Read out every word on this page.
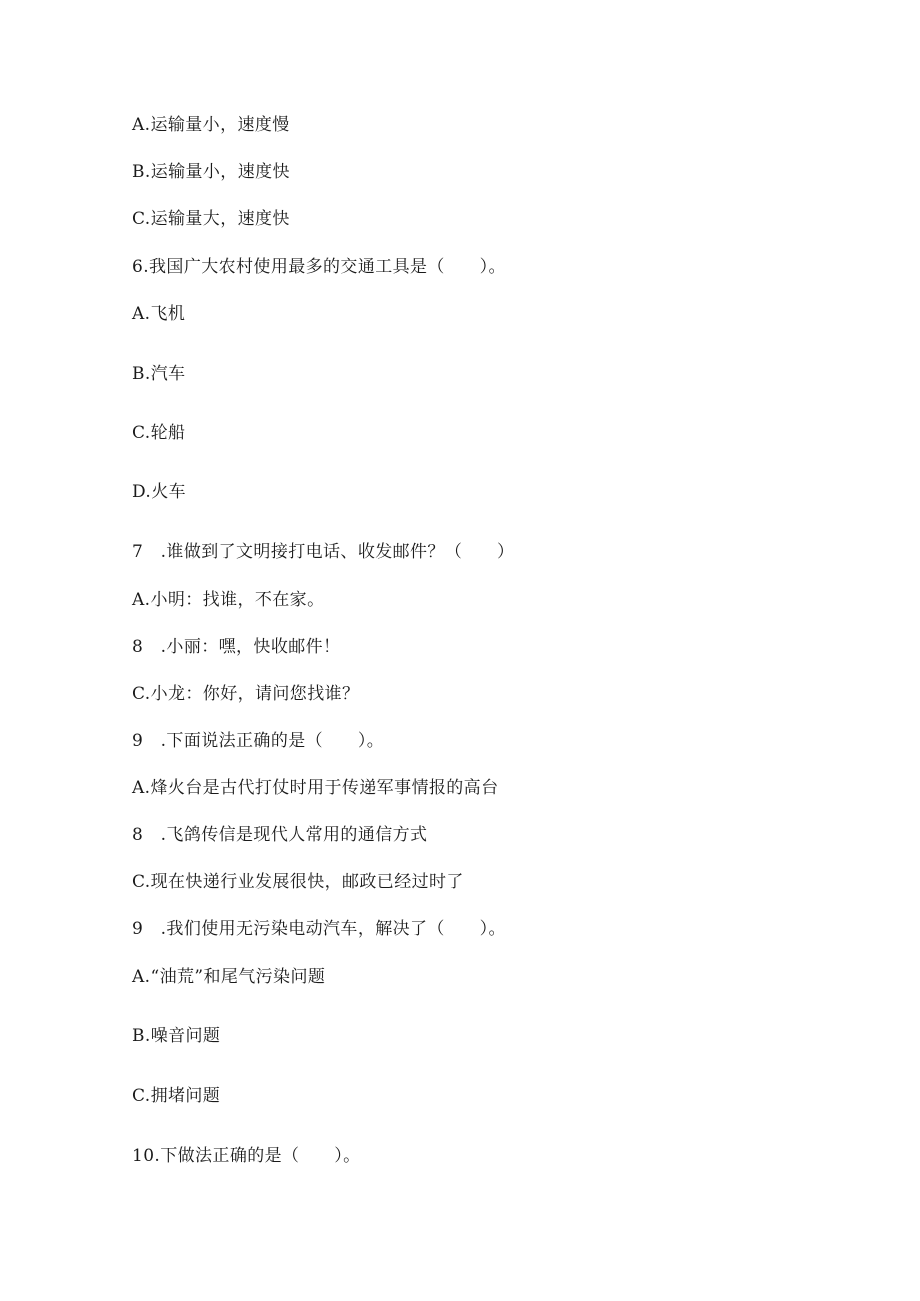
A.运输量小，速度慢

B.运输量小，速度快

C.运输量大，速度快

6.我国广大农村使用最多的交通工具是（　　）。

A.飞机

B.汽车

C.轮船

D.火车

7　.谁做到了文明接打电话、收发邮件？（　　）

A.小明：找谁，不在家。

8　.小丽：嘿，快收邮件！

C.小龙：你好，请问您找谁？

9　.下面说法正确的是（　　）。

A.烽火台是古代打仗时用于传递军事情报的高台

8　.飞鸽传信是现代人常用的通信方式

C.现在快递行业发展很快，邮政已经过时了

9　.我们使用无污染电动汽车，解决了（　　）。

A.“油荒”和尾气污染问题

B.噪音问题

C.拥堵问题

10.下做法正确的是（　　）。
